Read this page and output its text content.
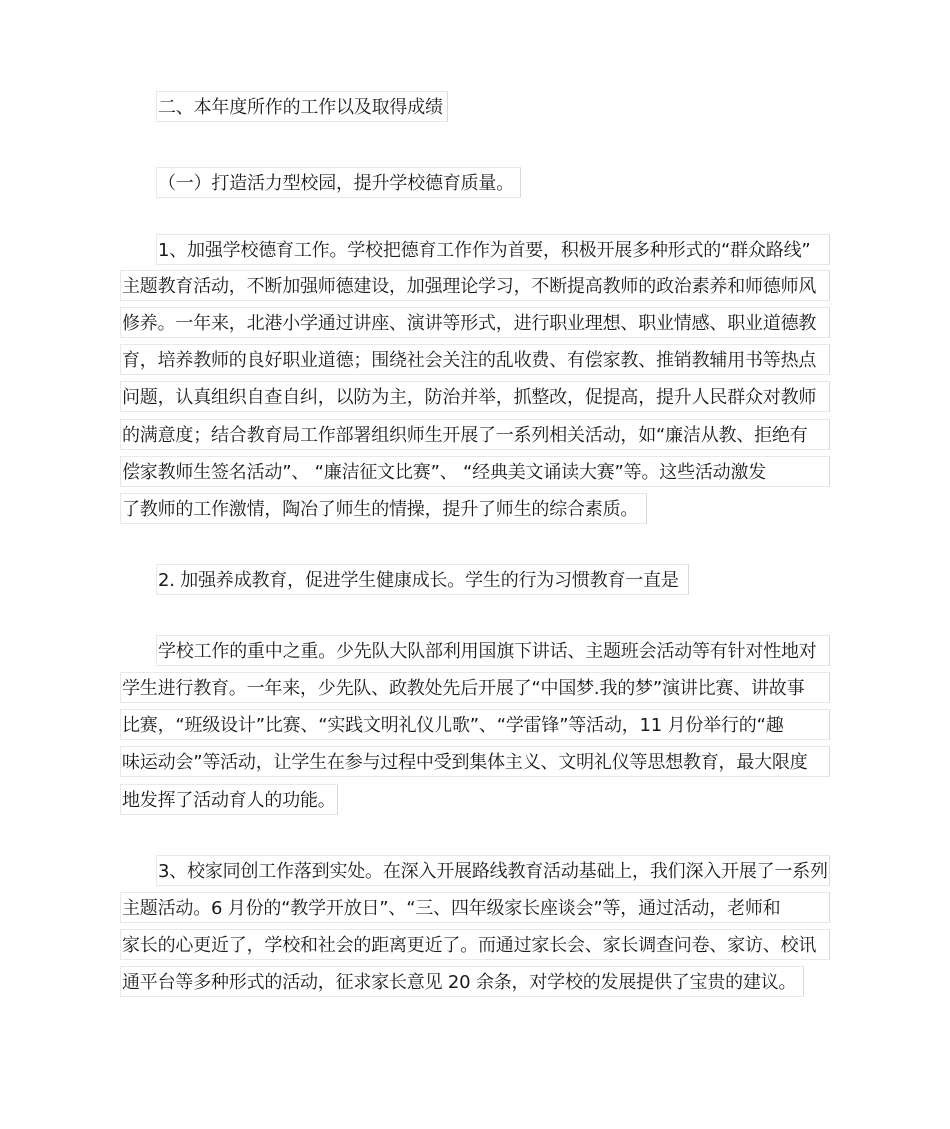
二、本年度所作的工作以及取得成绩
（一）打造活力型校园，提升学校德育质量。
1、加强学校德育工作。学校把德育工作作为首要，积极开展多种形式的“群众路线”
主题教育活动，不断加强师德建设，加强理论学习，不断提高教师的政治素养和师德师风
修养。一年来，北港小学通过讲座、演讲等形式，进行职业理想、职业情感、职业道德教
育，培养教师的良好职业道德；围绕社会关注的乱收费、有偿家教、推销教辅用书等热点
问题，认真组织自查自纠，以防为主，防治并举，抓整改，促提高，提升人民群众对教师
的满意度；结合教育局工作部署组织师生开展了一系列相关活动，如“廉洁从教、拒绝有
偿家教师生签名活动”、 “廉洁征文比赛”、 “经典美文诵读大赛”等。这些活动激发
了教师的工作激情，陶冶了师生的情操，提升了师生的综合素质。
2. 加强养成教育，促进学生健康成长。学生的行为习惯教育一直是
学校工作的重中之重。少先队大队部利用国旗下讲话、主题班会活动等有针对性地对
学生进行教育。一年来，少先队、政教处先后开展了“中国梦.我的梦”演讲比赛、讲故事
比赛，“班级设计”比赛、“实践文明礼仪儿歌”、“学雷锋”等活动，11 月份举行的“趣
味运动会”等活动，让学生在参与过程中受到集体主义、文明礼仪等思想教育，最大限度
地发挥了活动育人的功能。
3、校家同创工作落到实处。在深入开展路线教育活动基础上，我们深入开展了一系列
主题活动。6 月份的“教学开放日”、“三、四年级家长座谈会”等，通过活动，老师和
家长的心更近了，学校和社会的距离更近了。而通过家长会、家长调查问卷、家访、校讯
通平台等多种形式的活动，征求家长意见 20 余条，对学校的发展提供了宝贵的建议。
